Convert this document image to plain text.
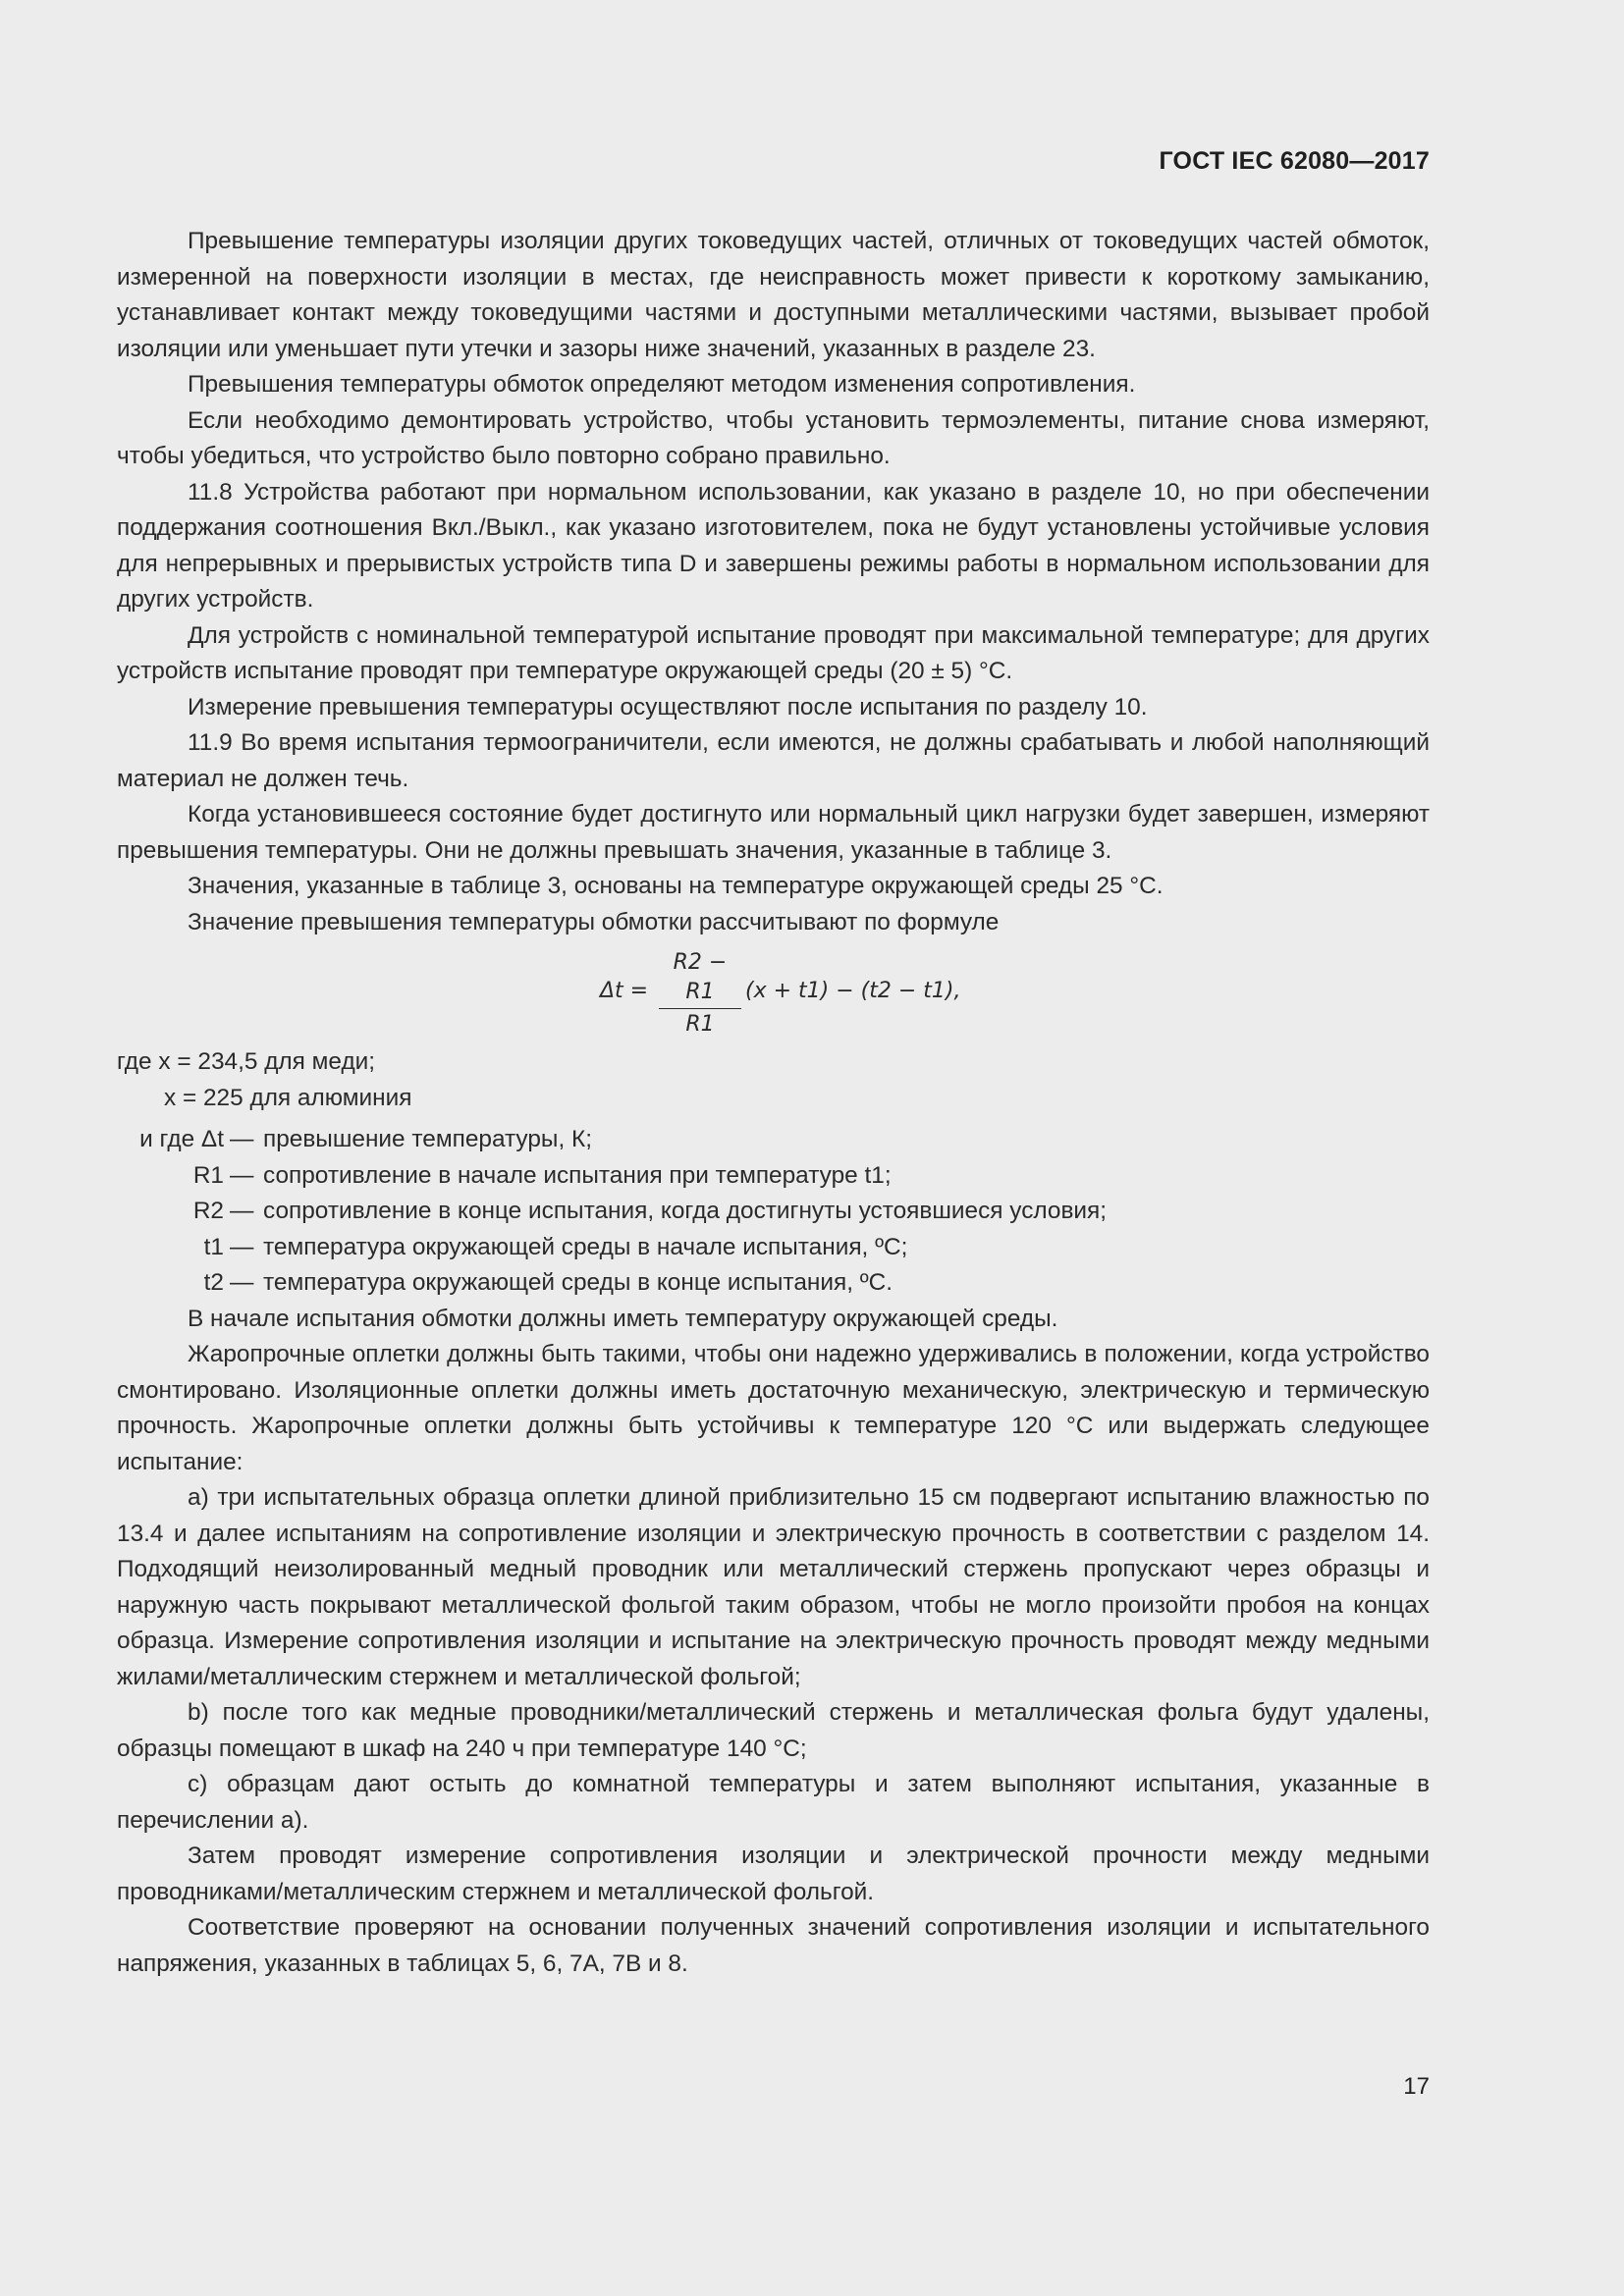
ГОСТ IEC 62080—2017

Превышение температуры изоляции других токоведущих частей, отличных от токоведущих частей обмоток, измеренной на поверхности изоляции в местах, где неисправность может привести к короткому замыканию, устанавливает контакт между токоведущими частями и доступными металлическими частями, вызывает пробой изоляции или уменьшает пути утечки и зазоры ниже значений, указанных в разделе 23.

Превышения температуры обмоток определяют методом изменения сопротивления.

Если необходимо демонтировать устройство, чтобы установить термоэлементы, питание снова измеряют, чтобы убедиться, что устройство было повторно собрано правильно.

11.8 Устройства работают при нормальном использовании, как указано в разделе 10, но при обеспечении поддержания соотношения Вкл./Выкл., как указано изготовителем, пока не будут установлены устойчивые условия для непрерывных и прерывистых устройств типа D и завершены режимы работы в нормальном использовании для других устройств.

Для устройств с номинальной температурой испытание проводят при максимальной температуре; для других устройств испытание проводят при температуре окружающей среды (20 ± 5) °С.

Измерение превышения температуры осуществляют после испытания по разделу 10.

11.9 Во время испытания термоограничители, если имеются, не должны срабатывать и любой наполняющий материал не должен течь.

Когда установившееся состояние будет достигнуто или нормальный цикл нагрузки будет завершен, измеряют превышения температуры. Они не должны превышать значения, указанные в таблице 3.

Значения, указанные в таблице 3, основаны на температуре окружающей среды 25 °С.

Значение превышения температуры обмотки рассчитывают по формуле

Δt =
R2 − R1
R1
(x + t1) − (t2 − t1),

где x = 234,5 для меди;

x = 225 для алюминия

и где Δt — превышение температуры, К;
R1 — сопротивление в начале испытания при температуре t1;
R2 — сопротивление в конце испытания, когда достигнуты устоявшиеся условия;
t1 — температура окружающей среды в начале испытания, ºС;
t2 — температура окружающей среды в конце испытания, ºС.

В начале испытания обмотки должны иметь температуру окружающей среды.

Жаропрочные оплетки должны быть такими, чтобы они надежно удерживались в положении, когда устройство смонтировано. Изоляционные оплетки должны иметь достаточную механическую, электрическую и термическую прочность. Жаропрочные оплетки должны быть устойчивы к температуре 120 °С или выдержать следующее испытание:

a) три испытательных образца оплетки длиной приблизительно 15 см подвергают испытанию влажностью по 13.4 и далее испытаниям на сопротивление изоляции и электрическую прочность в соответствии с разделом 14. Подходящий неизолированный медный проводник или металлический стержень пропускают через образцы и наружную часть покрывают металлической фольгой таким образом, чтобы не могло произойти пробоя на концах образца. Измерение сопротивления изоляции и испытание на электрическую прочность проводят между медными жилами/металлическим стержнем и металлической фольгой;

b) после того как медные проводники/металлический стержень и металлическая фольга будут удалены, образцы помещают в шкаф на 240 ч при температуре 140 °С;

c) образцам дают остыть до комнатной температуры и затем выполняют испытания, указанные в перечислении a).

Затем проводят измерение сопротивления изоляции и электрической прочности между медными проводниками/металлическим стержнем и металлической фольгой.

Соответствие проверяют на основании полученных значений сопротивления изоляции и испытательного напряжения, указанных в таблицах 5, 6, 7A, 7B и 8.

17
